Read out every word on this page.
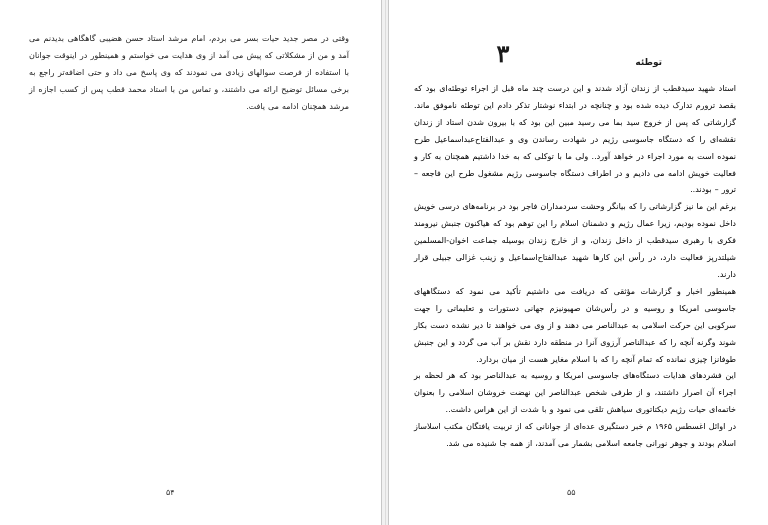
وقتی در مصر جدید حیات بسر می بردم، امام مرشد استاد حسن هضیبی گاهگاهی بدیدنم می آمد و من از مشکلاتی که پیش می آمد از وی هدایت می خواستم و همینطور در اینوقت جوانان با استفاده از فرصت سوالهای زیادی می نمودند که وی پاسخ می داد و حتی اضافه‌تر راجع به برخی مسائل توضیح ارائه می داشتند، و تماس من با استاد محمد قطب پس از کسب اجازه از مرشد همچنان ادامه می یافت.

۵۴
۳	توطئه

استاد شهید سیدقطب از زندان آزاد شدند و این درست چند ماه قبل از اجراء توطئه‌ای بود که بقصد ترورم تدارک دیده شده بود و چنانچه در ابتداء نوشتار تذکر دادم این توطئه ناموفق ماند. گزارشاتی که پس از خروج سید بما می رسید مبین این بود که با بیرون شدن استاد از زندان نقشه‌ای را که دستگاه جاسوسی رژیم در شهادت رساندن وی و عبدالفتاح‌عبداسماعیل طرح نموده است به مورد اجراء در خواهد آورد.. ولی ما با توکلی که به خدا داشتیم همچنان به کار و فعالیت خویش ادامه می دادیم و در اطراف دستگاه جاسوسی رژیم مشغول طرح این فاجعه – ترور – بودند..

برغم این ما نیز گزارشاتی را که بیانگر وحشت سردمداران فاجر بود در برنامه‌های درسی خویش داخل نموده بودیم، زیرا عمال رژیم و دشمنان اسلام را این توهم بود که هیاکنون جنبش نیرومند فکری با رهبری سیدقطب از داخل زندان، و از خارج زندان بوسیله جماعت اخوان-المسلمین شیلتدرپز فعالیت دارد، در رأس این کارها شهید عبدالفتاح‌اسماعیل و زینب غزالی جبیلی قرار دارند.

همینطور اخبار و گزارشات مؤثقی که دریافت می داشتیم تأکید می نمود که دستگاههای جاسوسی امریکا و روسیه و در رأس‌شان صهیونیزم جهانی دستورات و تعلیماتی را جهت سرکوبی این حرکت اسلامی به عبدالناصر می دهند و از وی می خواهند تا دیر نشده دست بکار شوند وگرنه آنچه را که عبدالناصر آرزوی آنرا در منطقه دارد نقش بر آب می گردد و این جنبش طوفانزا چیزی نمانده که تمام آنچه را که با اسلام مغایر هست از میان بردارد.

این فشردهای هدایات دستگاه‌های جاسوسی امریکا و روسیه به عبدالناصر بود که هر لحظه بر اجراء آن اصرار داشتند، و از طرفی شخص عبدالناصر این نهضت خروشان اسلامی را بعنوان خاتمه‌ای حیات رژیم دیکتاتوری سیاهش تلقی می نمود و با شدت از این هراس داشت..

در اوائل اغسطس ۱۹۶۵ م خبر دستگیری عده‌ای از جوانانی که از تربیت یافتگان مکتب اسلاساز اسلام بودند و جوهر نورانی جامعه اسلامی بشمار می آمدند، از همه جا شنیده می شد.

۵۵
